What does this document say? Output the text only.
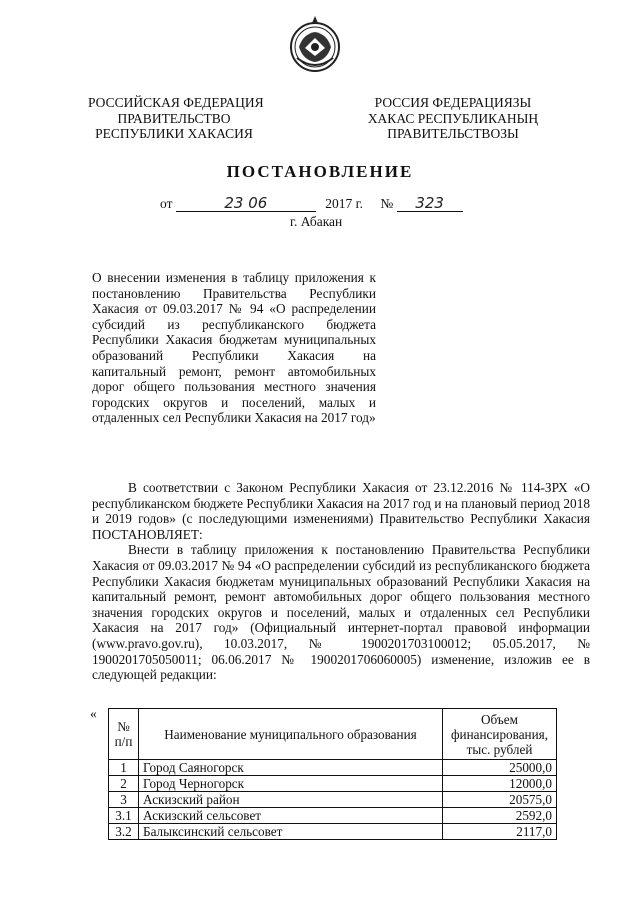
РОССИЙСКАЯ ФЕДЕРАЦИЯ
ПРАВИТЕЛЬСТВО
РЕСПУБЛИКИ ХАКАСИЯ
РОССИЯ ФЕДЕРАЦИЯЗЫ
ХАКАС РЕСПУБЛИКАНЫҢ
ПРАВИТЕЛЬСТВОЗЫ
ПОСТАНОВЛЕНИЕ
от	23 06	2017 г. № 323
г. Абакан
О внесении изменения в таблицу приложения к постановлению Правительства Республики Хакасия от 09.03.2017 № 94 «О распределении субсидий из республиканского бюджета Республики Хакасия бюджетам муниципальных образований Республики Хакасия на капитальный ремонт, ремонт автомобильных дорог общего пользования местного значения городских округов и поселений, малых и отдаленных сел Республики Хакасия на 2017 год»

В соответствии с Законом Республики Хакасия от 23.12.2016 № 114-ЗРХ «О республиканском бюджете Республики Хакасия на 2017 год и на плановый период 2018 и 2019 годов» (с последующими изменениями) Правительство Республики Хакасия ПОСТАНОВЛЯЕТ:

Внести в таблицу приложения к постановлению Правительства Республики Хакасия от 09.03.2017 № 94 «О распределении субсидий из республиканского бюджета Республики Хакасия бюджетам муниципальных образований Республики Хакасия на капитальный ремонт, ремонт автомобильных дорог общего пользования местного значения городских округов и поселений, малых и отдаленных сел Республики Хакасия на 2017 год» (Официальный интернет-портал правовой информации (www.pravo.gov.ru), 10.03.2017, № 1900201703100012; 05.05.2017, № 1900201705050011; 06.06.2017 № 1900201706060005) изменение, изложив ее в следующей редакции:

«
№ п/п	Наименование муниципального образования	Объем финансирования, тыс. рублей
1	Город Саяногорск	25000,0
2	Город Черногорск	12000,0
3	Аскизский район	20575,0
3.1	Аскизский сельсовет	2592,0
3.2	Балыксинский сельсовет	2117,0
